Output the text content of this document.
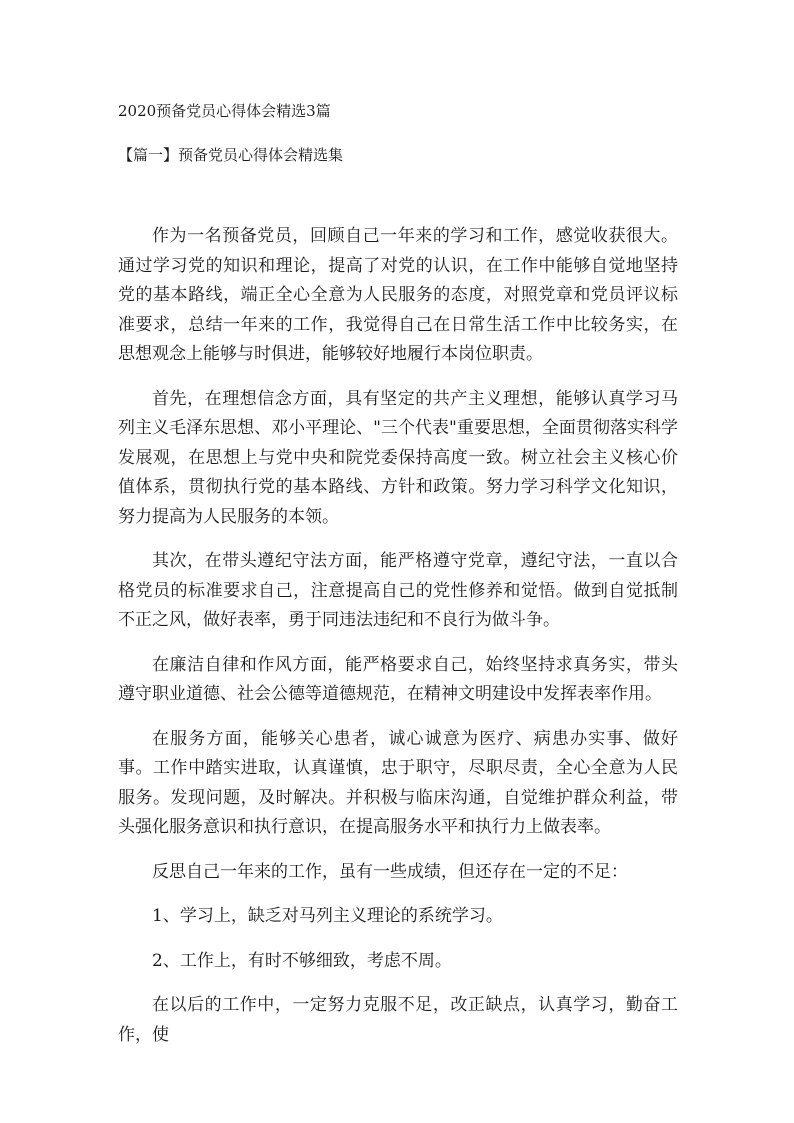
2020预备党员心得体会精选3篇
【篇一】预备党员心得体会精选集

作为一名预备党员，回顾自己一年来的学习和工作，感觉收获很大。通过学习党的知识和理论，提高了对党的认识，在工作中能够自觉地坚持党的基本路线，端正全心全意为人民服务的态度，对照党章和党员评议标准要求，总结一年来的工作，我觉得自己在日常生活工作中比较务实，在思想观念上能够与时俱进，能够较好地履行本岗位职责。

首先，在理想信念方面，具有坚定的共产主义理想，能够认真学习马列主义毛泽东思想、邓小平理论、"三个代表"重要思想，全面贯彻落实科学发展观，在思想上与党中央和院党委保持高度一致。树立社会主义核心价值体系，贯彻执行党的基本路线、方针和政策。努力学习科学文化知识，努力提高为人民服务的本领。

其次，在带头遵纪守法方面，能严格遵守党章，遵纪守法，一直以合格党员的标准要求自己，注意提高自己的党性修养和觉悟。做到自觉抵制不正之风，做好表率，勇于同违法违纪和不良行为做斗争。

在廉洁自律和作风方面，能严格要求自己，始终坚持求真务实，带头遵守职业道德、社会公德等道德规范，在精神文明建设中发挥表率作用。

在服务方面，能够关心患者，诚心诚意为医疗、病患办实事、做好事。工作中踏实进取，认真谨慎，忠于职守，尽职尽责，全心全意为人民服务。发现问题，及时解决。并积极与临床沟通，自觉维护群众利益，带头强化服务意识和执行意识，在提高服务水平和执行力上做表率。

反思自己一年来的工作，虽有一些成绩，但还存在一定的不足：

1、学习上，缺乏对马列主义理论的系统学习。

2、工作上，有时不够细致，考虑不周。

在以后的工作中，一定努力克服不足，改正缺点，认真学习，勤奋工作，使
